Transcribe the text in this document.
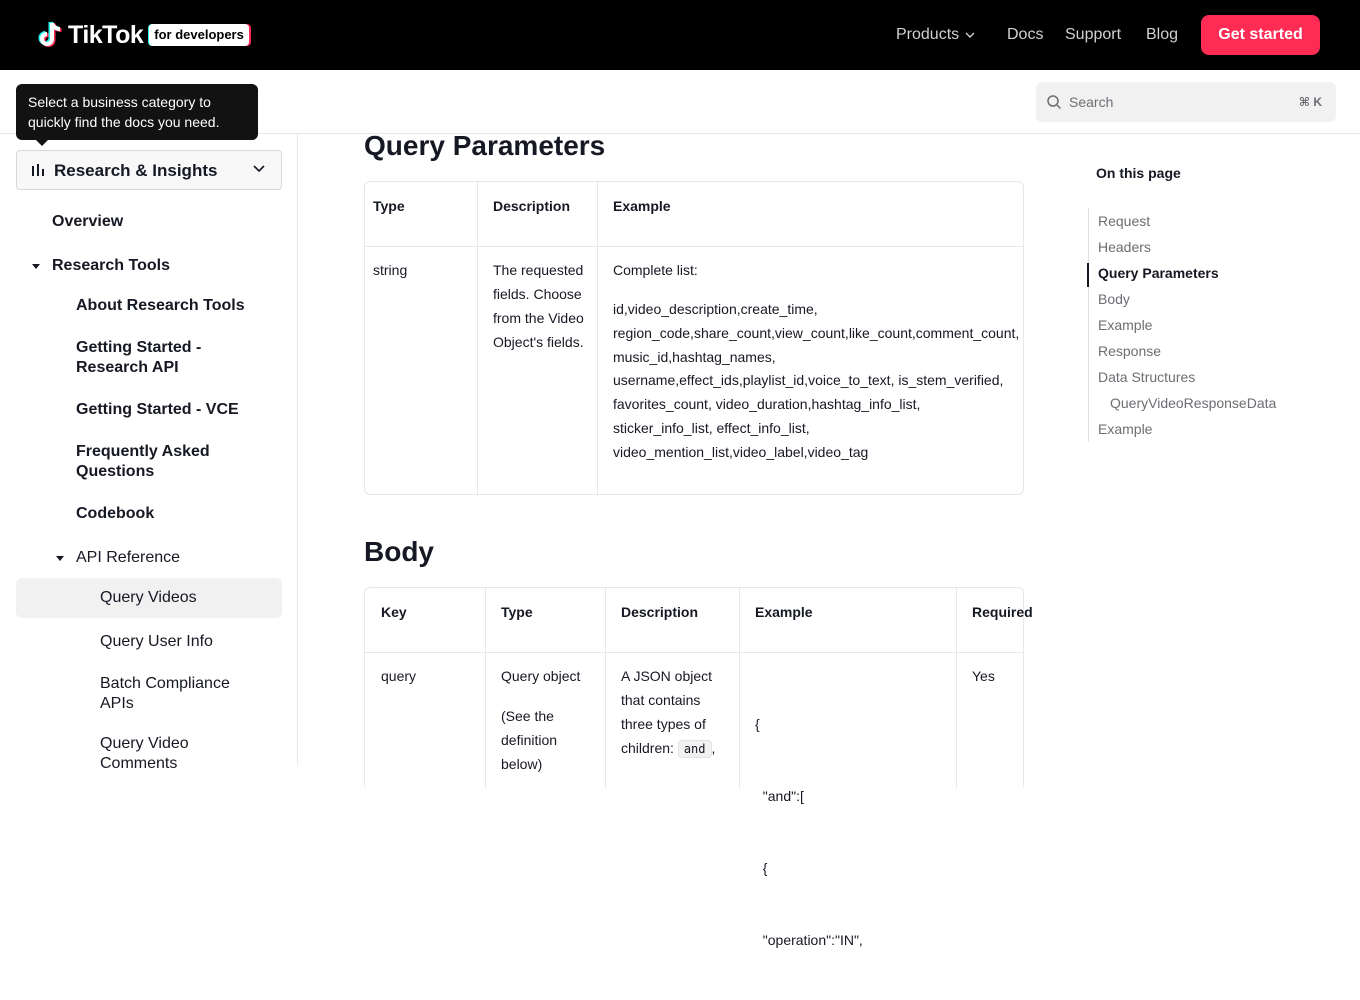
TikTok for developers	Products	Docs Support Blog	Get started
Search	⌘ K
Select a business category to quickly find the docs you need.
Research & Insights
Overview
Research Tools
About Research Tools
Getting Started - Research API
Getting Started - VCE
Frequently Asked Questions
Codebook
API Reference
Query Videos
Query User Info
Batch Compliance APIs
Query Video Comments
Query Parameters
Type	Description	Example
string	The requested fields. Choose from the Video Object's fields.
Complete list:
id,video_description,create_time,
region_code,share_count,view_count,like_count,comment_count,
music_id,hashtag_names,
username,effect_ids,playlist_id,voice_to_text, is_stem_verified,
favorites_count, video_duration,hashtag_info_list,
sticker_info_list, effect_info_list,
video_mention_list,video_label,video_tag
Body
Key	Type	Description	Example	Required
query	Query object
(See the definition below)
A JSON object that contains three types of children: and ,

{

"and":[

{

"operation":"IN",

Yes
On this page
Request
Headers
Query Parameters
Body
Example
Response
Data Structures
QueryVideoResponseData
Example
